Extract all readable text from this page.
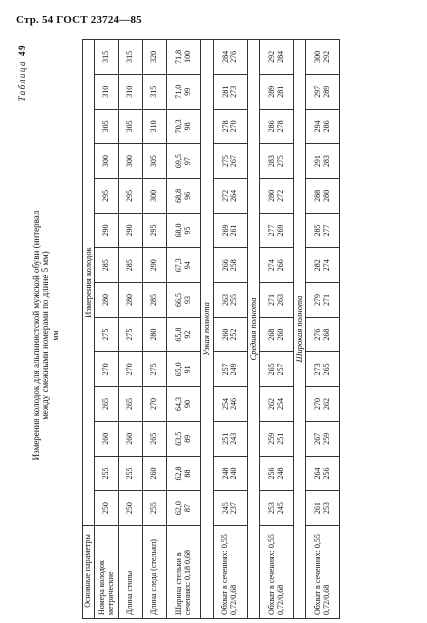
Стр. 54 ГОСТ 23724—85
Таблица49
Измерения колодок для альпинистской мужской обуви (интервал между смежными номерами по длине 5 мм) мм
Основные параметры	Измерения колодок													
Номера колодок метрические	250	255	260	265	270	275	280	285	290	295	300	305	310	315
Длина стопы	250	255	260	265	270	275	280	285	290	295	300	305	310	315
Длина следа (стелькп)	255	260	265	270	275	280	285	290	295	300	305	310	315	320
Ширина стельки в сечениях: 0,18 0,68	62,0 87	62,8 88	63,5 89	64,3 90	65,0 91	65,8 92	66,5 93	67,3 94	68,0 95	68,8 96	69,5 97	70,3 98	71,0 99	71,8 100

Узкая полнота														
Обхват в сечениях: 0,55 0,72/0,68	245 237	248 240	251 243	254 246	257 249	260 252	263 255	266 258	269 261	272 264	275 267	278 270	281 273	284 276

Средняя полнота														
Обхват в сечениях: 0,55 0,72/0,68	253 245	256 248	259 251	262 254	265 257	268 260	271 263	274 266	277 269	280 272	283 275	286 278	289 281	292 284

Широкая полнота														
Обхват в сечениях: 0,55 0,72/0,68	261 253	264 256	267 259	270 262	273 265	276 268	279 271	282 274	285 277	288 280	291 283	294 286	297 289	300 292
